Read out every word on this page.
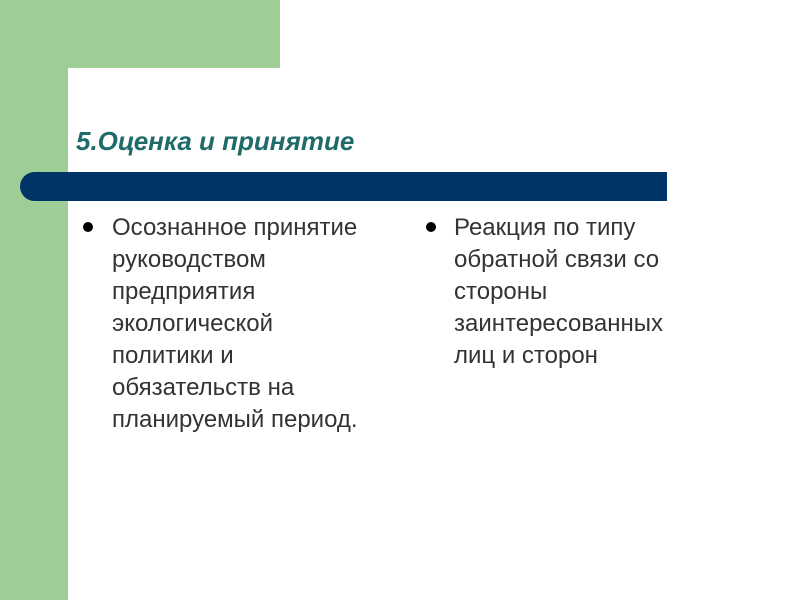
5.Оценка и принятие
Осознанное принятие
руководством
предприятия
экологической
политики и
обязательств на
планируемый период.
Реакция по типу
обратной связи со
стороны
заинтересованных
лиц и сторон
